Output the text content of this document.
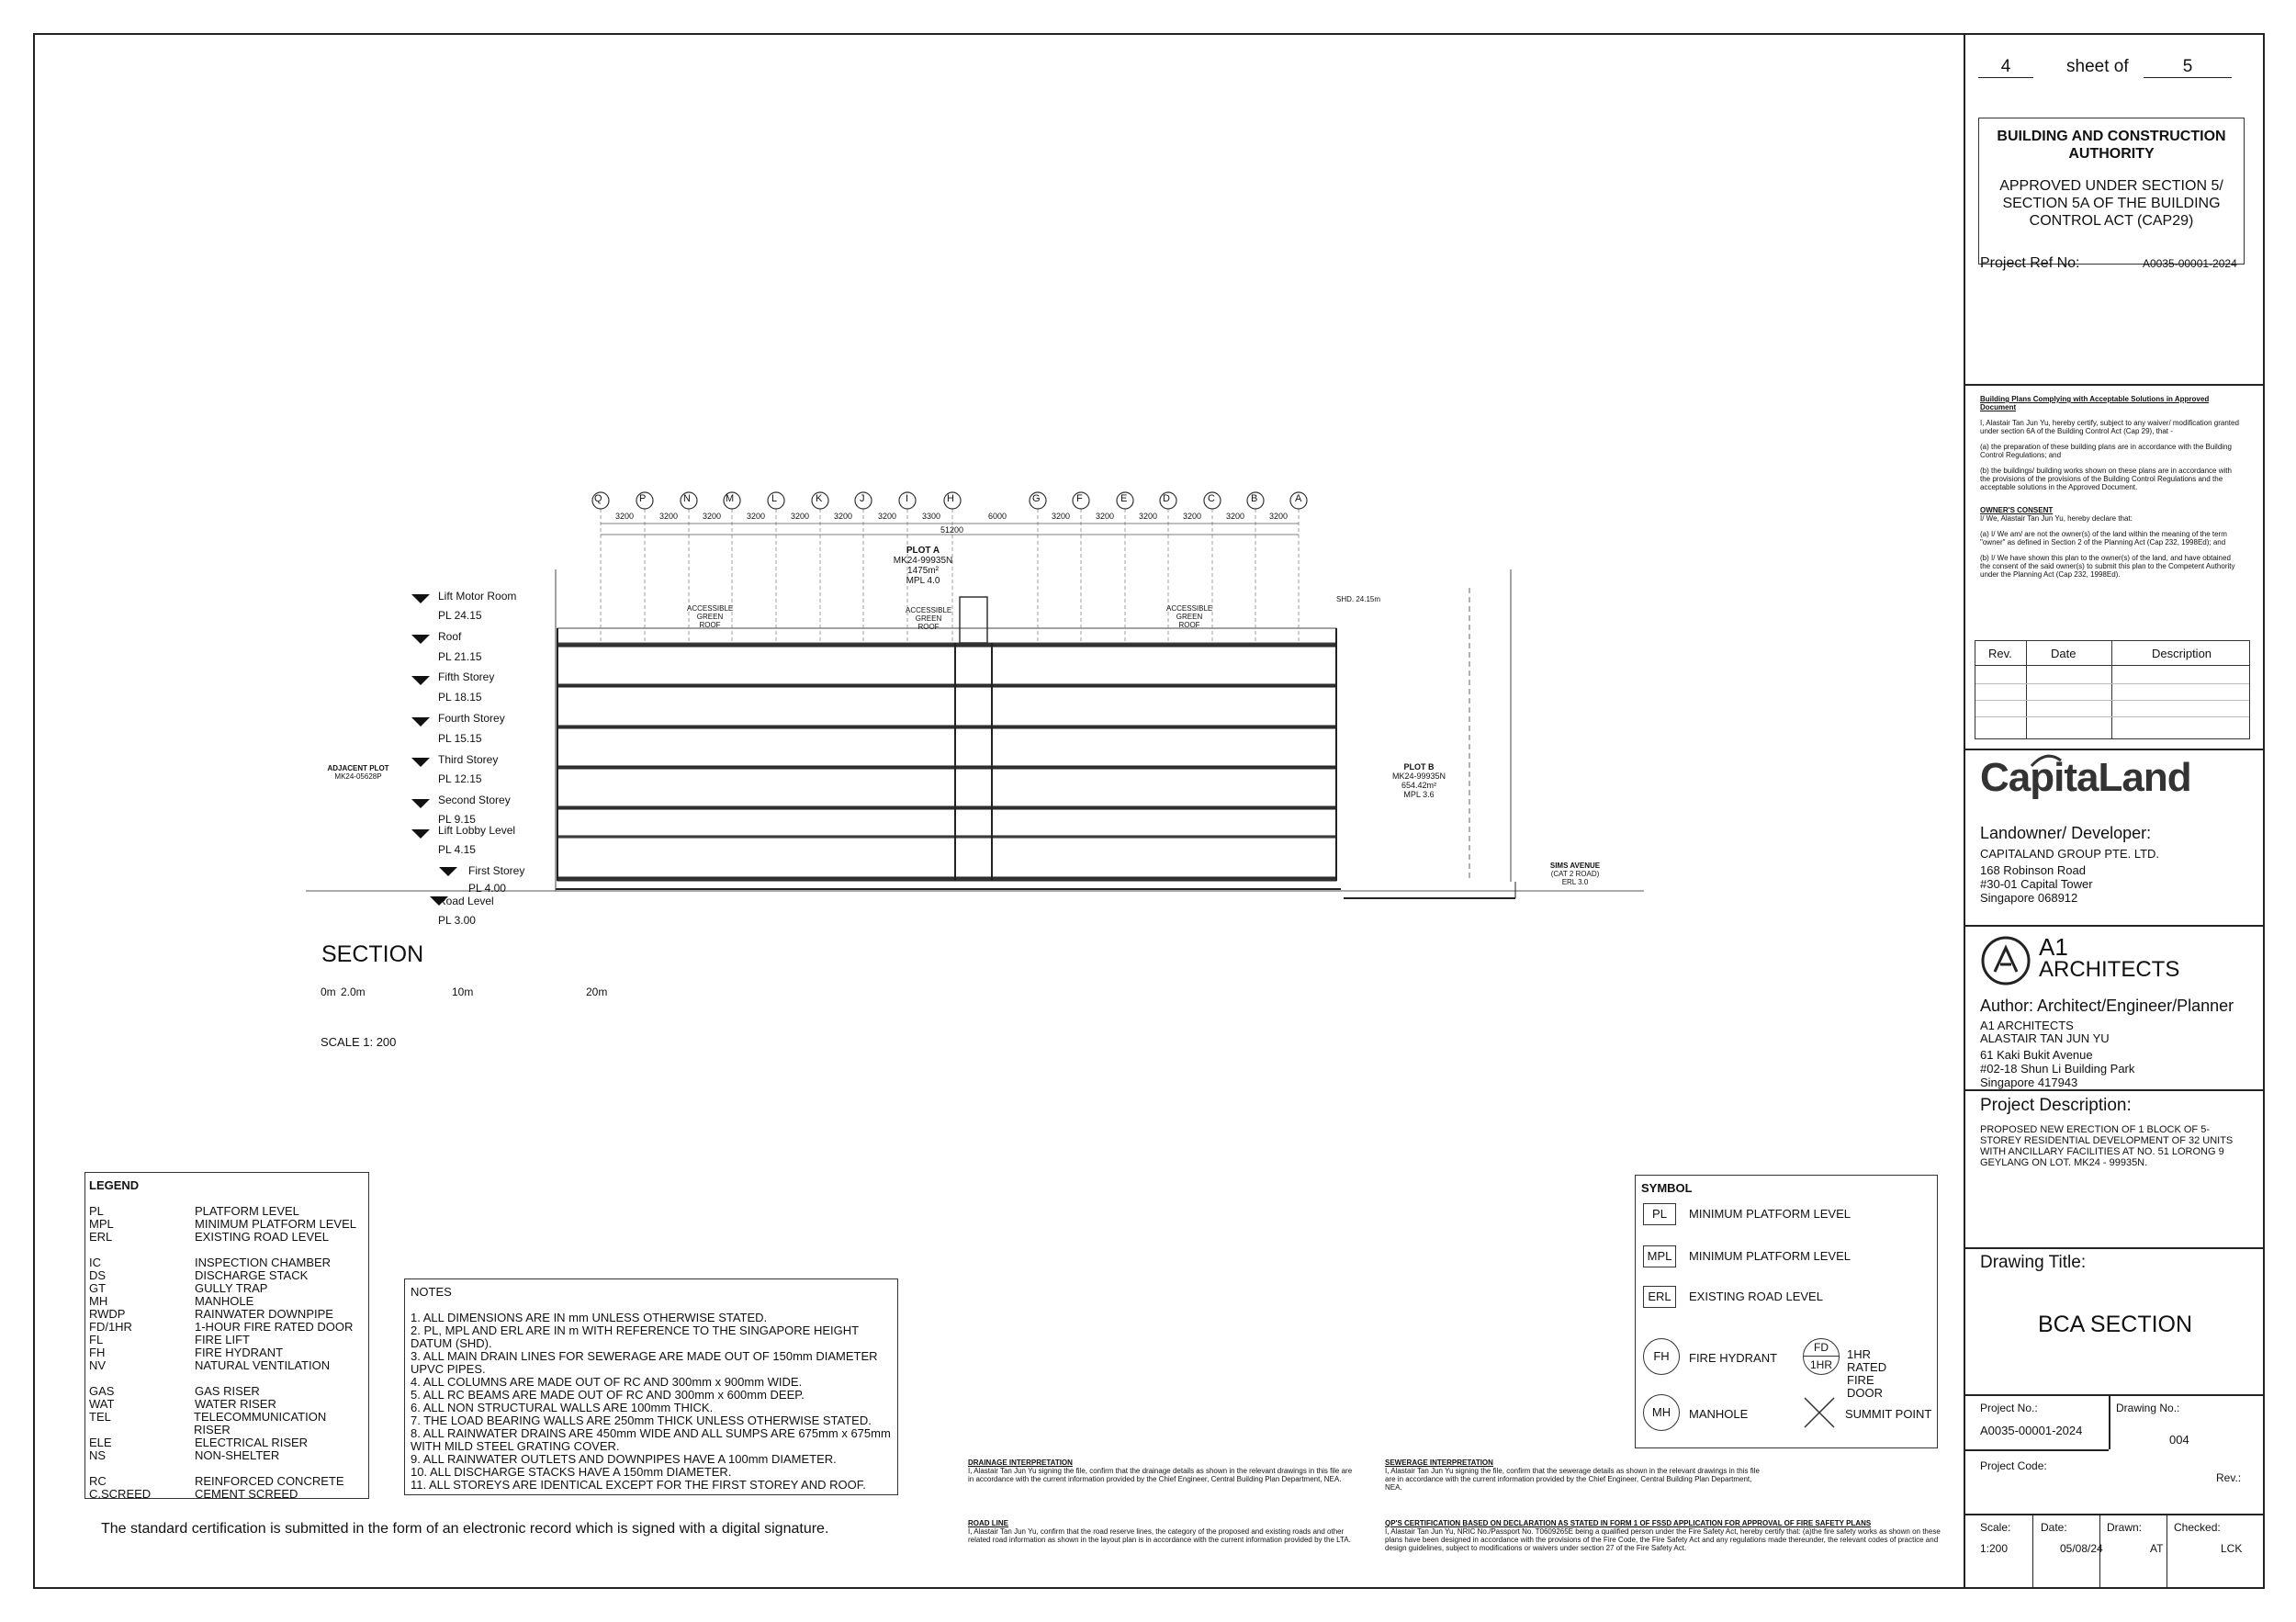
4	sheet of	5
BUILDING AND CONSTRUCTION AUTHORITY
APPROVED UNDER SECTION 5/ SECTION 5A OF THE BUILDING CONTROL ACT (CAP29)
Project Ref No:	A0035-00001-2024
Building Plans Complying with Acceptable Solutions in Approved Document
I, Alastair Tan Jun Yu, hereby certify, subject to any waiver/ modification granted under section 6A of the Building Control Act (Cap 29), that -
(a) the preparation of these building plans are in accordance with the Building Control Regulations; and
(b) the buildings/ building works shown on these plans are in accordance with the provisions of the provisions of the Building Control Regulations and the acceptable solutions in the Approved Document.
OWNER'S CONSENT
I/ We, Alastair Tan Jun Yu, hereby declare that:
(a) I/ We am/ are not the owner(s) of the land within the meaning of the term "owner" as defined in Section 2 of the Planning Act (Cap 232, 1998Ed); and
(b) I/ We have shown this plan to the owner(s) of the land, and have obtained the consent of the said owner(s) to submit this plan to the Competent Authority under the Planning Act (Cap 232, 1998Ed).
Rev.	Date	Description
CapitaLand
Landowner/ Developer:
CAPITALAND GROUP PTE. LTD.
168 Robinson Road
#30-01 Capital Tower
Singapore 068912
A1
ARCHITECTS
Author: Architect/Engineer/Planner
A1 ARCHITECTS
ALASTAIR TAN JUN YU
61 Kaki Bukit Avenue
#02-18 Shun Li Building Park
Singapore 417943
Project Description:
PROPOSED NEW ERECTION OF 1 BLOCK OF 5-STOREY RESIDENTIAL DEVELOPMENT OF 32 UNITS WITH ANCILLARY FACILITIES AT NO. 51 LORONG 9 GEYLANG ON LOT. MK24 - 99935N.
Drawing Title:
BCA SECTION
Project No.:
A0035-00001-2024
Drawing No.:
004
Project Code:
Rev.:
Scale:
1:200
Date:
05/08/24
Drawn:
AT
Checked:
LCK
Q	P	N	M	L	K	J	I	H	G	F	E	D	C	B	A
3200	3200	3200	3200	3200	3200	3200	3300	6000	3200	3200	3200	3200	3200	3200
51200
Lift Motor Room
PL 24.15
Roof
PL 21.15
Fifth Storey
PL 18.15
Fourth Storey
PL 15.15
Third Storey
PL 12.15
Second Storey
PL 9.15
Lift Lobby Level
PL 4.15
First Storey
PL 4.00
Road Level
PL 3.00
PLOT A
MK24-99935N
1475m²
MPL 4.0
PLOT B
MK24-99935N
654.42m²
MPL 3.6
ADJACENT PLOT
MK24-05628P
SIMS AVENUE
(CAT 2 ROAD)
ERL 3.0
ACCESSIBLE GREEN ROOF
ACCESSIBLE GREEN ROOF
ACCESSIBLE GREEN ROOF
SHD. 24.15m
SECTION
0m 2.0m	10m	20m
SCALE 1: 200
LEGEND
PL	PLATFORM LEVEL
MPL	MINIMUM PLATFORM LEVEL
ERL	EXISTING ROAD LEVEL
IC	INSPECTION CHAMBER
DS	DISCHARGE STACK
GT	GULLY TRAP
MH	MANHOLE
RWDP	RAINWATER DOWNPIPE
FD/1HR	1-HOUR FIRE RATED DOOR
FL	FIRE LIFT
FH	FIRE HYDRANT
NV	NATURAL VENTILATION
GAS	GAS RISER
WAT	WATER RISER
TEL	TELECOMMUNICATION RISER
ELE	ELECTRICAL RISER
NS	NON-SHELTER
RC	REINFORCED CONCRETE
C.SCREED	CEMENT SCREED
NOTES
1. ALL DIMENSIONS ARE IN mm UNLESS OTHERWISE STATED.
2. PL, MPL AND ERL ARE IN m WITH REFERENCE TO THE SINGAPORE HEIGHT
DATUM (SHD).
3. ALL MAIN DRAIN LINES FOR SEWERAGE ARE MADE OUT OF 150mm DIAMETER
UPVC PIPES.
4. ALL COLUMNS ARE MADE OUT OF RC AND 300mm x 900mm WIDE.
5. ALL RC BEAMS ARE MADE OUT OF RC AND 300mm x 600mm DEEP.
6. ALL NON STRUCTURAL WALLS ARE 100mm THICK.
7. THE LOAD BEARING WALLS ARE 250mm THICK UNLESS OTHERWISE STATED.
8. ALL RAINWATER DRAINS ARE 450mm WIDE AND ALL SUMPS ARE 675mm x 675mm
WITH MILD STEEL GRATING COVER.
9. ALL RAINWATER OUTLETS AND DOWNPIPES HAVE A 100mm DIAMETER.
10. ALL DISCHARGE STACKS HAVE A 150mm DIAMETER.
11. ALL STOREYS ARE IDENTICAL EXCEPT FOR THE FIRST STOREY AND ROOF.
SYMBOL
PL	MINIMUM PLATFORM LEVEL
MPL	MINIMUM PLATFORM LEVEL
ERL	EXISTING ROAD LEVEL
FH	FIRE HYDRANT
FD
1HR
1HR RATED FIRE DOOR
MH	MANHOLE	SUMMIT POINT
DRAINAGE INTERPRETATION
I, Alastair Tan Jun Yu signing the file, confirm that the drainage details as shown in the relevant drawings in this file are in accordance with the current information provided by the Chief Engineer, Central Building Plan Department, NEA.
SEWERAGE INTERPRETATION
I, Alastair Tan Jun Yu signing the file, confirm that the sewerage details as shown in the relevant drawings in this file are in accordance with the current information provided by the Chief Engineer, Central Building Plan Department, NEA.
ROAD LINE
I, Alastair Tan Jun Yu, confirm that the road reserve lines, the category of the proposed and existing roads and other related road information as shown in the layout plan is in accordance with the current information provided by the LTA.
QP'S CERTIFICATION BASED ON DECLARATION AS STATED IN FORM 1 OF FSSD APPLICATION FOR APPROVAL OF FIRE SAFETY PLANS
I, Alastair Tan Jun Yu, NRIC No./Passport No. T0609265E being a qualified person under the Fire Safety Act, hereby certify that: (a)the fire safety works as shown on these plans have been designed in accordance with the provisions of the Fire Code, the Fire Safety Act and any regulations made thereunder, the relevant codes of practice and design guidelines, subject to modifications or waivers under section 27 of the Fire Safety Act.
The standard certification is submitted in the form of an electronic record which is signed with a digital signature.
